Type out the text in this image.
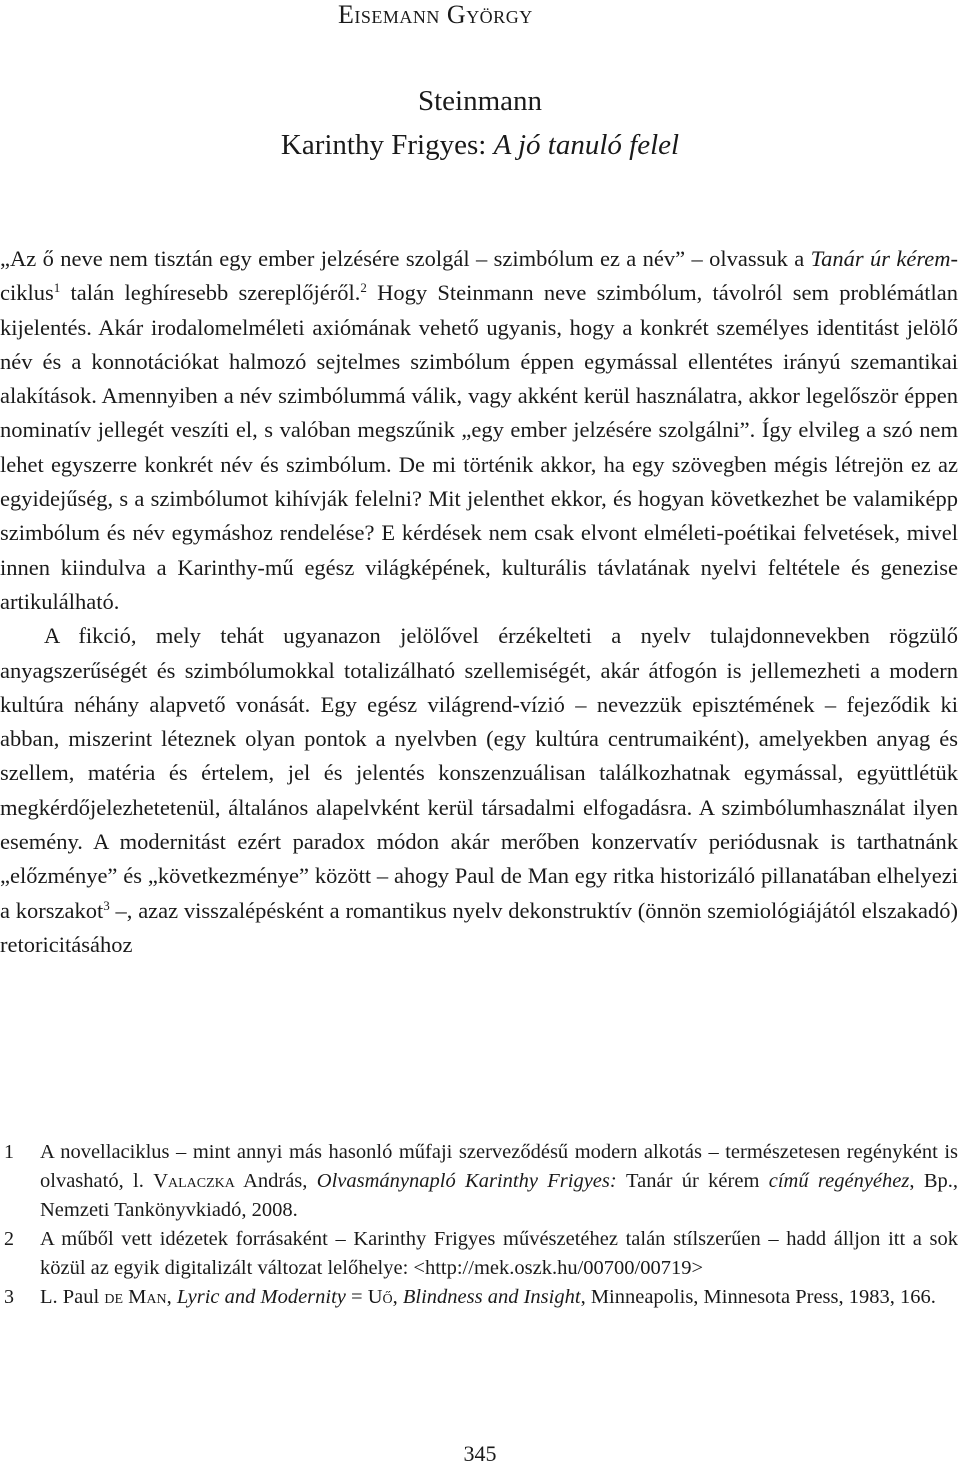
Eisemann György
Steinmann
Karinthy Frigyes: A jó tanuló felel

„Az ő neve nem tisztán egy ember jelzésére szolgál – szimbólum ez a név” – olvassuk a Tanár úr kérem-ciklus$^1$ talán leghíresebb szereplőjéről.$^2$ Hogy Steinmann neve szimbólum, távolról sem problémátlan kijelentés. Akár irodalomelméleti axiómának vehető ugyanis, hogy a konkrét személyes identitást jelölő név és a konnotációkat halmozó sejtelmes szimbólum éppen egymással ellentétes irányú szemantikai alakítások. Amennyiben a név szimbólummá válik, vagy akként kerül használatra, akkor legelőször éppen nominatív jellegét veszíti el, s valóban megszűnik „egy ember jelzésére szolgálni”. Így elvileg a szó nem lehet egyszerre konkrét név és szimbólum. De mi történik akkor, ha egy szövegben mégis létrejön ez az egyidejűség, s a szimbólumot kihívják felelni? Mit jelenthet ekkor, és hogyan következhet be valamiképp szimbólum és név egymáshoz rendelése? E kérdések nem csak elvont elméleti-poétikai felvetések, mivel innen kiindulva a Karinthy-mű egész világképének, kulturális távlatának nyelvi feltétele és genezise artikulálható.

A fikció, mely tehát ugyanazon jelölővel érzékelteti a nyelv tulajdonnevekben rögzülő anyagszerűségét és szimbólumokkal totalizálható szellemiségét, akár átfogón is jellemezheti a modern kultúra néhány alapvető vonását. Egy egész világrend-vízió – nevezzük episztémének – fejeződik ki abban, miszerint léteznek olyan pontok a nyelvben (egy kultúra centrumaiként), amelyekben anyag és szellem, matéria és értelem, jel és jelentés konszenzuálisan találkozhatnak egymással, együttlétük megkérdőjelezhetetenül, általános alapelvként kerül társadalmi elfogadásra. A szimbólumhasználat ilyen esemény. A modernitást ezért paradox módon akár merőben konzervatív periódusnak is tarthatnánk „előzménye” és „következménye” között – ahogy Paul de Man egy ritka historizáló pillanatában elhelyezi a korszakot$^3$ –, azaz visszalépésként a romantikus nyelv dekonstruktív (önnön szemiológiájától elszakadó) retoricitásához

1 A novellaciklus – mint annyi más hasonló műfaji szerveződésű modern alkotás – természetesen regényként is olvasható, l. Valaczka András, Olvasmánynapló Karinthy Frigyes: Tanár úr kérem című regényéhez, Bp., Nemzeti Tankönyvkiadó, 2008.
2 A műből vett idézetek forrásaként – Karinthy Frigyes művészetéhez talán stílszerűen – hadd álljon itt a sok közül az egyik digitalizált változat lelőhelye: <http://mek.oszk.hu/00700/00719>
3 L. Paul de Man, Lyric and Modernity = Uő, Blindness and Insight, Minneapolis, Minnesota Press, 1983, 166.
345
